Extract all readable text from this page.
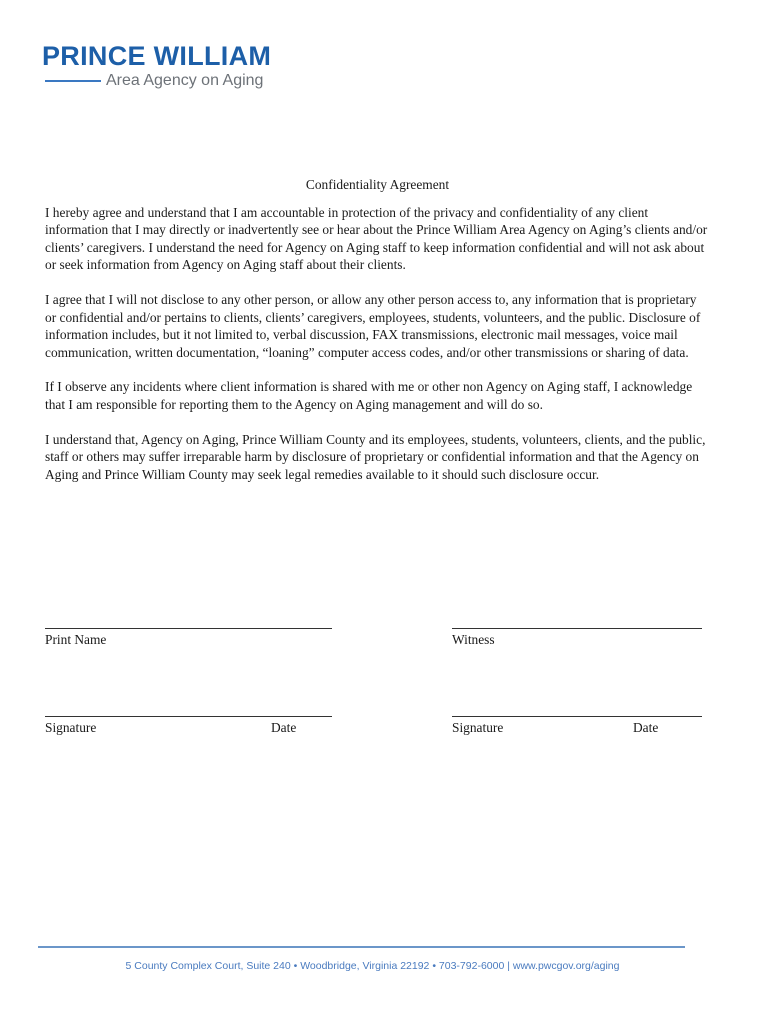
PRINCE WILLIAM
Area Agency on Aging
Confidentiality Agreement

I hereby agree and understand that I am accountable in protection of the privacy and confidentiality of any client information that I may directly or inadvertently see or hear about the Prince William Area Agency on Aging’s clients and/or clients’ caregivers. I understand the need for Agency on Aging staff to keep information confidential and will not ask about or seek information from Agency on Aging staff about their clients.

I agree that I will not disclose to any other person, or allow any other person access to, any information that is proprietary or confidential and/or pertains to clients, clients’ caregivers, employees, students, volunteers, and the public. Disclosure of information includes, but it not limited to, verbal discussion, FAX transmissions, electronic mail messages, voice mail communication, written documentation, “loaning” computer access codes, and/or other transmissions or sharing of data.

If I observe any incidents where client information is shared with me or other non Agency on Aging staff, I acknowledge that I am responsible for reporting them to the Agency on Aging management and will do so.

I understand that, Agency on Aging, Prince William County and its employees, students, volunteers, clients, and the public, staff or others may suffer irreparable harm by disclosure of proprietary or confidential information and that the Agency on Aging and Prince William County may seek legal remedies available to it should such disclosure occur.

Print Name	Witness
Signature	Date	Signature	Date
5 County Complex Court, Suite 240 • Woodbridge, Virginia 22192 • 703-792-6000 | www.pwcgov.org/aging
